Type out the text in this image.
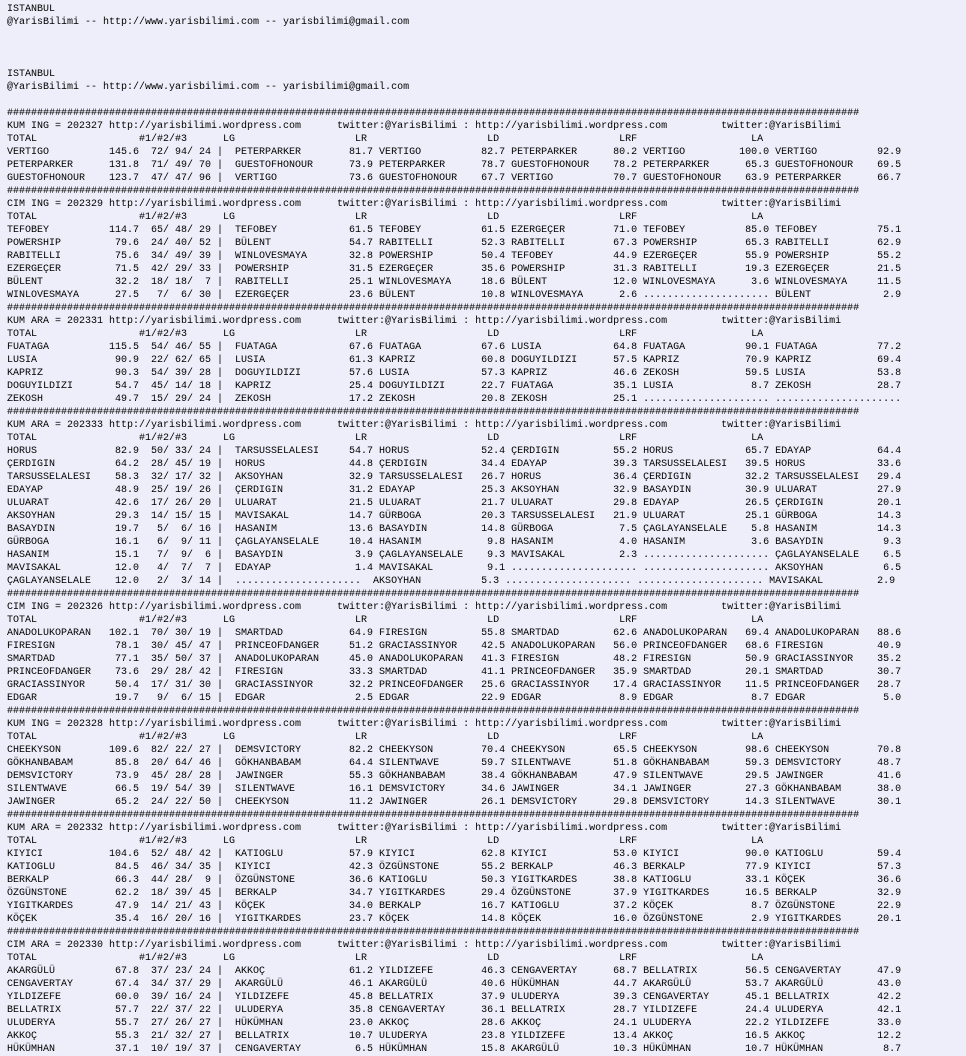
ISTANBUL
@YarisBilimi -- http://www.yarisbilimi.com -- yarisbilimi@gmail.com

ISTANBUL
@YarisBilimi -- http://www.yarisbilimi.com -- yarisbilimi@gmail.com

##############################################################################################################################################
KUM ING = 202327 http://yarisbilimi.wordpress.com      twitter:@YarisBilimi : http://yarisbilimi.wordpress.com         twitter:@YarisBilimi
TOTAL                 #1/#2/#3      LG                    LR                    LD                    LRF                   LA
VERTIGO          145.6  72/ 94/ 24 |  PETERPARKER        81.7 VERTIGO          82.7 PETERPARKER      80.2 VERTIGO         100.0 VERTIGO          92.9
PETERPARKER      131.8  71/ 49/ 70 |  GUESTOFHONOUR      73.9 PETERPARKER      78.7 GUESTOFHONOUR    78.2 PETERPARKER      65.3 GUESTOFHONOUR    69.5
GUESTOFHONOUR    123.7  47/ 47/ 96 |  VERTIGO            73.6 GUESTOFHONOUR    67.7 VERTIGO          70.7 GUESTOFHONOUR    63.9 PETERPARKER      66.7
##############################################################################################################################################
CIM ING = 202329 http://yarisbilimi.wordpress.com      twitter:@YarisBilimi : http://yarisbilimi.wordpress.com         twitter:@YarisBilimi
TOTAL                 #1/#2/#3      LG                    LR                    LD                    LRF                   LA
TEFOBEY          114.7  65/ 48/ 29 |  TEFOBEY            61.5 TEFOBEY          61.5 EZERGEÇER        71.0 TEFOBEY          85.0 TEFOBEY          75.1
POWERSHIP         79.6  24/ 40/ 52 |  BÜLENT             54.7 RABITELLI        52.3 RABITELLI        67.3 POWERSHIP        65.3 RABITELLI        62.9
RABITELLI         75.6  34/ 49/ 39 |  WINLOVESMAYA       32.8 POWERSHIP        50.4 TEFOBEY          44.9 EZERGEÇER        55.9 POWERSHIP        55.2
EZERGEÇER         71.5  42/ 29/ 33 |  POWERSHIP          31.5 EZERGEÇER        35.6 POWERSHIP        31.3 RABITELLI        19.3 EZERGEÇER        21.5
BÜLENT            32.2  18/ 18/  7 |  RABITELLI          25.1 WINLOVESMAYA     18.6 BÜLENT           12.0 WINLOVESMAYA      3.6 WINLOVESMAYA     11.5
WINLOVESMAYA      27.5   7/  6/ 30 |  EZERGEÇER          23.6 BÜLENT           10.8 WINLOVESMAYA      2.6 ..................... BÜLENT            2.9
##############################################################################################################################################
KUM ARA = 202331 http://yarisbilimi.wordpress.com      twitter:@YarisBilimi : http://yarisbilimi.wordpress.com         twitter:@YarisBilimi
TOTAL                 #1/#2/#3      LG                    LR                    LD                    LRF                   LA
FUATAGA          115.5  54/ 46/ 55 |  FUATAGA            67.6 FUATAGA          67.6 LUSIA            64.8 FUATAGA          90.1 FUATAGA          77.2
LUSIA             90.9  22/ 62/ 65 |  LUSIA              61.3 KAPRIZ           60.8 DOGUYILDIZI      57.5 KAPRIZ           70.9 KAPRIZ           69.4
KAPRIZ            90.3  54/ 39/ 28 |  DOGUYILDIZI        57.6 LUSIA            57.3 KAPRIZ           46.6 ZEKOSH           59.5 LUSIA            53.8
DOGUYILDIZI       54.7  45/ 14/ 18 |  KAPRIZ             25.4 DOGUYILDIZI      22.7 FUATAGA          35.1 LUSIA             8.7 ZEKOSH           28.7
ZEKOSH            49.7  15/ 29/ 24 |  ZEKOSH             17.2 ZEKOSH           20.8 ZEKOSH           25.1 ..................... .....................
##############################################################################################################################################
KUM ARA = 202333 http://yarisbilimi.wordpress.com      twitter:@YarisBilimi : http://yarisbilimi.wordpress.com         twitter:@YarisBilimi
TOTAL                 #1/#2/#3      LG                    LR                    LD                    LRF                   LA
HORUS             82.9  50/ 33/ 24 |  TARSUSSELALESI     54.7 HORUS            52.4 ÇERDIGIN         55.2 HORUS            65.7 EDAYAP           64.4
ÇERDIGIN          64.2  28/ 45/ 19 |  HORUS              44.8 ÇERDIGIN         34.4 EDAYAP           39.3 TARSUSSELALESI   39.5 HORUS            33.6
TARSUSSELALESI    58.3  32/ 17/ 32 |  AKSOYHAN           32.9 TARSUSSELALESI   26.7 HORUS            36.4 ÇERDIGIN         32.2 TARSUSSELALESI   29.4
EDAYAP            48.9  25/ 19/ 26 |  ÇERDIGIN           31.2 EDAYAP           25.3 AKSOYHAN         32.9 BASAYDIN         30.9 ULUARAT          27.9
ULUARAT           42.6  17/ 26/ 20 |  ULUARAT            21.5 ULUARAT          21.7 ULUARAT          29.8 EDAYAP           26.5 ÇERDIGIN         20.1
AKSOYHAN          29.3  14/ 15/ 15 |  MAVISAKAL          14.7 GÜRBOGA          20.3 TARSUSSELALESI   21.9 ULUARAT          25.1 GÜRBOGA          14.3
BASAYDIN          19.7   5/  6/ 16 |  HASANIM            13.6 BASAYDIN         14.8 GÜRBOGA           7.5 ÇAGLAYANSELALE    5.8 HASANIM          14.3
GÜRBOGA           16.1   6/  9/ 11 |  ÇAGLAYANSELALE     10.4 HASANIM           9.8 HASANIM           4.0 HASANIM           3.6 BASAYDIN          9.3
HASANIM           15.1   7/  9/  6 |  BASAYDIN            3.9 ÇAGLAYANSELALE    9.3 MAVISAKAL         2.3 ..................... ÇAGLAYANSELALE    6.5
MAVISAKAL         12.0   4/  7/  7 |  EDAYAP              1.4 MAVISAKAL         9.1 ..................... ..................... AKSOYHAN          6.5
ÇAGLAYANSELALE    12.0   2/  3/ 14 |  .....................  AKSOYHAN          5.3 ..................... ..................... MAVISAKAL         2.9
##############################################################################################################################################
CIM ING = 202326 http://yarisbilimi.wordpress.com      twitter:@YarisBilimi : http://yarisbilimi.wordpress.com         twitter:@YarisBilimi
TOTAL                 #1/#2/#3      LG                    LR                    LD                    LRF                   LA
ANADOLUKOPARAN   102.1  70/ 30/ 19 |  SMARTDAD           64.9 FIRESIGN         55.8 SMARTDAD         62.6 ANADOLUKOPARAN   69.4 ANADOLUKOPARAN   88.6
FIRESIGN          78.1  30/ 45/ 47 |  PRINCEOFDANGER     51.2 GRACIASSINYOR    42.5 ANADOLUKOPARAN   56.0 PRINCEOFDANGER   68.6 FIRESIGN         40.9
SMARTDAD          77.1  35/ 50/ 37 |  ANADOLUKOPARAN     45.0 ANADOLUKOPARAN   41.3 FIRESIGN         48.2 FIRESIGN         50.9 GRACIASSINYOR    35.2
PRINCEOFDANGER    73.6  29/ 28/ 42 |  FIRESIGN           33.3 SMARTDAD         41.1 PRINCEOFDANGER   35.9 SMARTDAD         20.1 SMARTDAD         30.7
GRACIASSINYOR     50.4  17/ 31/ 30 |  GRACIASSINYOR      32.2 PRINCEOFDANGER   25.6 GRACIASSINYOR    17.4 GRACIASSINYOR    11.5 PRINCEOFDANGER   28.7
EDGAR             19.7   9/  6/ 15 |  EDGAR               2.5 EDGAR            22.9 EDGAR             8.9 EDGAR             8.7 EDGAR             5.0
##############################################################################################################################################
KUM ING = 202328 http://yarisbilimi.wordpress.com      twitter:@YarisBilimi : http://yarisbilimi.wordpress.com         twitter:@YarisBilimi
TOTAL                 #1/#2/#3      LG                    LR                    LD                    LRF                   LA
CHEEKYSON        109.6  82/ 22/ 27 |  DEMSVICTORY        82.2 CHEEKYSON        70.4 CHEEKYSON        65.5 CHEEKYSON        98.6 CHEEKYSON        70.8
GÖKHANBABAM       85.8  20/ 64/ 46 |  GÖKHANBABAM        64.4 SILENTWAVE       59.7 SILENTWAVE       51.8 GÖKHANBABAM      59.3 DEMSVICTORY      48.7
DEMSVICTORY       73.9  45/ 28/ 28 |  JAWINGER           55.3 GÖKHANBABAM      38.4 GÖKHANBABAM      47.9 SILENTWAVE       29.5 JAWINGER         41.6
SILENTWAVE        66.5  19/ 54/ 39 |  SILENTWAVE         16.1 DEMSVICTORY      34.6 JAWINGER         34.1 JAWINGER         27.3 GÖKHANBABAM      38.0
JAWINGER          65.2  24/ 22/ 50 |  CHEEKYSON          11.2 JAWINGER         26.1 DEMSVICTORY      29.8 DEMSVICTORY      14.3 SILENTWAVE       30.1
##############################################################################################################################################
KUM ARA = 202332 http://yarisbilimi.wordpress.com      twitter:@YarisBilimi : http://yarisbilimi.wordpress.com         twitter:@YarisBilimi
TOTAL                 #1/#2/#3      LG                    LR                    LD                    LRF                   LA
KIYICI           104.6  52/ 48/ 42 |  KATIOGLU           57.9 KIYICI           62.8 KIYICI           53.0 KIYICI           90.0 KATIOGLU         59.4
KATIOGLU          84.5  46/ 34/ 35 |  KIYICI             42.3 ÖZGÜNSTONE       55.2 BERKALP          46.3 BERKALP          77.9 KIYICI           57.3
BERKALP           66.3  44/ 28/  9 |  ÖZGÜNSTONE         36.6 KATIOGLU         50.3 YIGITKARDES      38.8 KATIOGLU         33.1 KÖÇEK            36.6
ÖZGÜNSTONE        62.2  18/ 39/ 45 |  BERKALP            34.7 YIGITKARDES      29.4 ÖZGÜNSTONE       37.9 YIGITKARDES      16.5 BERKALP          32.9
YIGITKARDES       47.9  14/ 21/ 43 |  KÖÇEK              34.0 BERKALP          16.7 KATIOGLU         37.2 KÖÇEK             8.7 ÖZGÜNSTONE       22.9
KÖÇEK             35.4  16/ 20/ 16 |  YIGITKARDES        23.7 KÖÇEK            14.8 KÖÇEK            16.0 ÖZGÜNSTONE        2.9 YIGITKARDES      20.1
##############################################################################################################################################
CIM ARA = 202330 http://yarisbilimi.wordpress.com      twitter:@YarisBilimi : http://yarisbilimi.wordpress.com         twitter:@YarisBilimi
TOTAL                 #1/#2/#3      LG                    LR                    LD                    LRF                   LA
AKARGÜLÜ          67.8  37/ 23/ 24 |  AKKOÇ              61.2 YILDIZEFE        46.3 CENGAVERTAY      68.7 BELLATRIX        56.5 CENGAVERTAY      47.9
CENGAVERTAY       67.4  34/ 37/ 29 |  AKARGÜLÜ           46.1 AKARGÜLÜ         40.6 HÜKÜMHAN         44.7 AKARGÜLÜ         53.7 AKARGÜLÜ         43.0
YILDIZEFE         60.0  39/ 16/ 24 |  YILDIZEFE          45.8 BELLATRIX        37.9 ULUDERYA         39.3 CENGAVERTAY      45.1 BELLATRIX        42.2
BELLATRIX         57.7  22/ 37/ 22 |  ULUDERYA           35.8 CENGAVERTAY      36.1 BELLATRIX        28.7 YILDIZEFE        24.4 ULUDERYA         42.1
ULUDERYA          55.7  27/ 26/ 27 |  HÜKÜMHAN           23.0 AKKOÇ            28.6 AKKOÇ            24.1 ULUDERYA         22.2 YILDIZEFE        33.0
AKKOÇ             55.3  21/ 32/ 27 |  BELLATRIX          10.7 ULUDERYA         23.8 YILDIZEFE        13.4 AKKOÇ            16.5 AKKOÇ            12.2
HÜKÜMHAN          37.1  10/ 19/ 37 |  CENGAVERTAY         6.5 HÜKÜMHAN         15.8 AKARGÜLÜ         10.3 HÜKÜMHAN         10.7 HÜKÜMHAN          8.7
